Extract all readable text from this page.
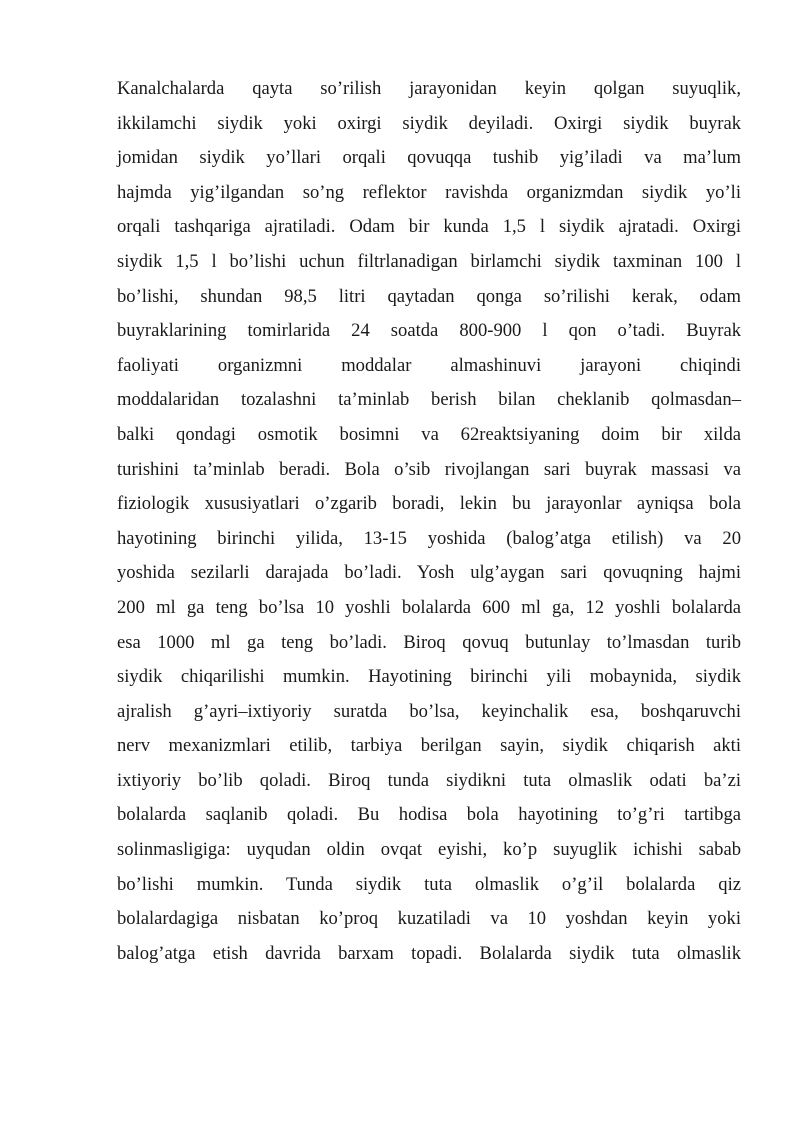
Kanalchalarda qayta so’rilish jarayonidan keyin qolgan suyuqlik,
ikkilamchi siydik yoki oxirgi siydik deyiladi. Oxirgi siydik buyrak
jomidan siydik yo’llari orqali qovuqqa tushib yig’iladi va ma’lum
hajmda yig’ilgandan so’ng reflektor ravishda organizmdan siydik yo’li
orqali tashqariga ajratiladi. Odam bir kunda 1,5 l siydik ajratadi. Oxirgi
siydik 1,5 l bo’lishi uchun filtrlanadigan birlamchi siydik taxminan 100 l
bo’lishi, shundan 98,5 litri qaytadan qonga so’rilishi kerak, odam
buyraklarining tomirlarida 24 soatda 800-900 l qon o’tadi. Buyrak
faoliyati organizmni moddalar almashinuvi jarayoni chiqindi
moddalaridan tozalashni ta’minlab berish bilan cheklanib qolmasdan–
balki qondagi osmotik bosimni va 62reaktsiyaning doim bir xilda
turishini ta’minlab beradi. Bola o’sib rivojlangan sari buyrak massasi va
fiziologik xususiyatlari o’zgarib boradi, lekin bu jarayonlar ayniqsa bola
hayotining birinchi yilida, 13-15 yoshida (balog’atga etilish) va 20
yoshida sezilarli darajada bo’ladi. Yosh ulg’aygan sari qovuqning hajmi
200 ml ga teng bo’lsa 10 yoshli bolalarda 600 ml ga, 12 yoshli bolalarda
esa 1000 ml ga teng bo’ladi. Biroq qovuq butunlay to’lmasdan turib
siydik chiqarilishi mumkin. Hayotining birinchi yili mobaynida, siydik
ajralish g’ayri–ixtiyoriy suratda bo’lsa, keyinchalik esa, boshqaruvchi
nerv mexanizmlari etilib, tarbiya berilgan sayin, siydik chiqarish akti
ixtiyoriy bo’lib qoladi. Biroq tunda siydikni tuta olmaslik odati ba’zi
bolalarda saqlanib qoladi. Bu hodisa bola hayotining to’g’ri tartibga
solinmasligiga: uyqudan oldin ovqat eyishi, ko’p suyuglik ichishi sabab
bo’lishi mumkin. Tunda siydik tuta olmaslik o’g’il bolalarda qiz
bolalardagiga nisbatan ko’proq kuzatiladi va 10 yoshdan keyin yoki
balog’atga etish davrida barxam topadi. Bolalarda siydik tuta olmaslik
